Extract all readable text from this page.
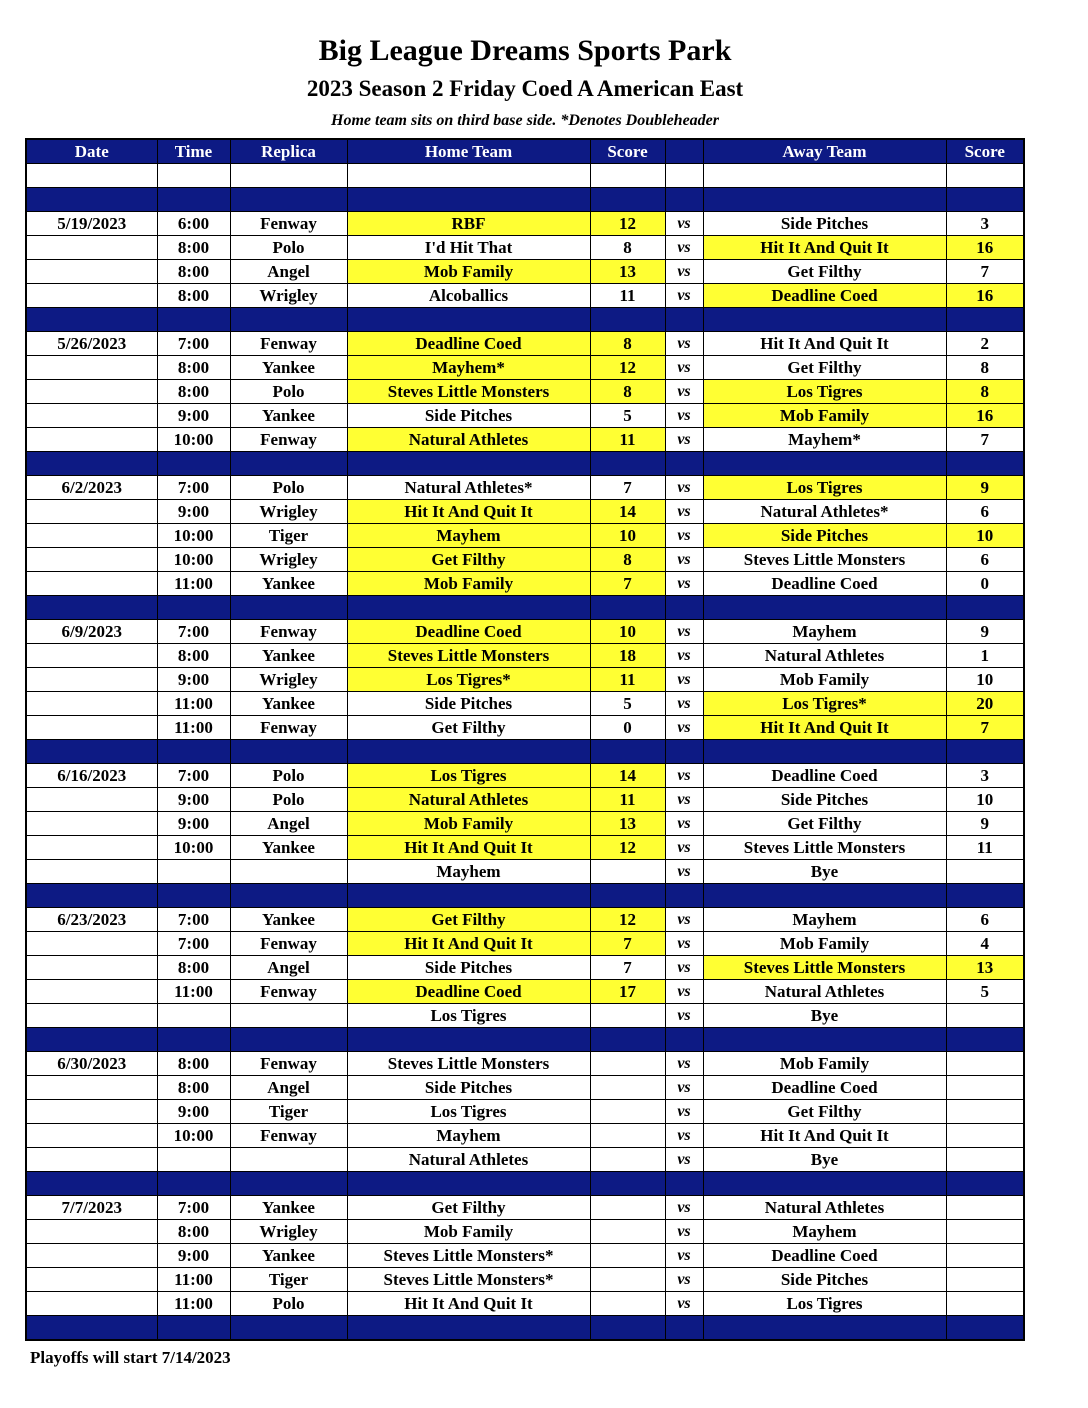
Big League Dreams Sports Park
2023 Season 2 Friday Coed A American East
Home team sits on third base side. *Denotes Doubleheader
Date	Time	Replica	Home Team	Score		Away Team	Score

5/19/2023	6:00	Fenway	RBF	12	vs	Side Pitches	3
	8:00	Polo	I'd Hit That	8	vs	Hit It And Quit It	16
	8:00	Angel	Mob Family	13	vs	Get Filthy	7
	8:00	Wrigley	Alcoballics	11	vs	Deadline Coed	16

5/26/2023	7:00	Fenway	Deadline Coed	8	vs	Hit It And Quit It	2
	8:00	Yankee	Mayhem*	12	vs	Get Filthy	8
	8:00	Polo	Steves Little Monsters	8	vs	Los Tigres	8
	9:00	Yankee	Side Pitches	5	vs	Mob Family	16
	10:00	Fenway	Natural Athletes	11	vs	Mayhem*	7

6/2/2023	7:00	Polo	Natural Athletes*	7	vs	Los Tigres	9
	9:00	Wrigley	Hit It And Quit It	14	vs	Natural Athletes*	6
	10:00	Tiger	Mayhem	10	vs	Side Pitches	10
	10:00	Wrigley	Get Filthy	8	vs	Steves Little Monsters	6
	11:00	Yankee	Mob Family	7	vs	Deadline Coed	0

6/9/2023	7:00	Fenway	Deadline Coed	10	vs	Mayhem	9
	8:00	Yankee	Steves Little Monsters	18	vs	Natural Athletes	1
	9:00	Wrigley	Los Tigres*	11	vs	Mob Family	10
	11:00	Yankee	Side Pitches	5	vs	Los Tigres*	20
	11:00	Fenway	Get Filthy	0	vs	Hit It And Quit It	7

6/16/2023	7:00	Polo	Los Tigres	14	vs	Deadline Coed	3
	9:00	Polo	Natural Athletes	11	vs	Side Pitches	10
	9:00	Angel	Mob Family	13	vs	Get Filthy	9
	10:00	Yankee	Hit It And Quit It	12	vs	Steves Little Monsters	11
			Mayhem		vs	Bye	

6/23/2023	7:00	Yankee	Get Filthy	12	vs	Mayhem	6
	7:00	Fenway	Hit It And Quit It	7	vs	Mob Family	4
	8:00	Angel	Side Pitches	7	vs	Steves Little Monsters	13
	11:00	Fenway	Deadline Coed	17	vs	Natural Athletes	5
			Los Tigres		vs	Bye	

6/30/2023	8:00	Fenway	Steves Little Monsters		vs	Mob Family	
	8:00	Angel	Side Pitches		vs	Deadline Coed	
	9:00	Tiger	Los Tigres		vs	Get Filthy	
	10:00	Fenway	Mayhem		vs	Hit It And Quit It	
			Natural Athletes		vs	Bye	

7/7/2023	7:00	Yankee	Get Filthy		vs	Natural Athletes	
	8:00	Wrigley	Mob Family		vs	Mayhem	
	9:00	Yankee	Steves Little Monsters*		vs	Deadline Coed	
	11:00	Tiger	Steves Little Monsters*		vs	Side Pitches	
	11:00	Polo	Hit It And Quit It		vs	Los Tigres	

Playoffs will start 7/14/2023
